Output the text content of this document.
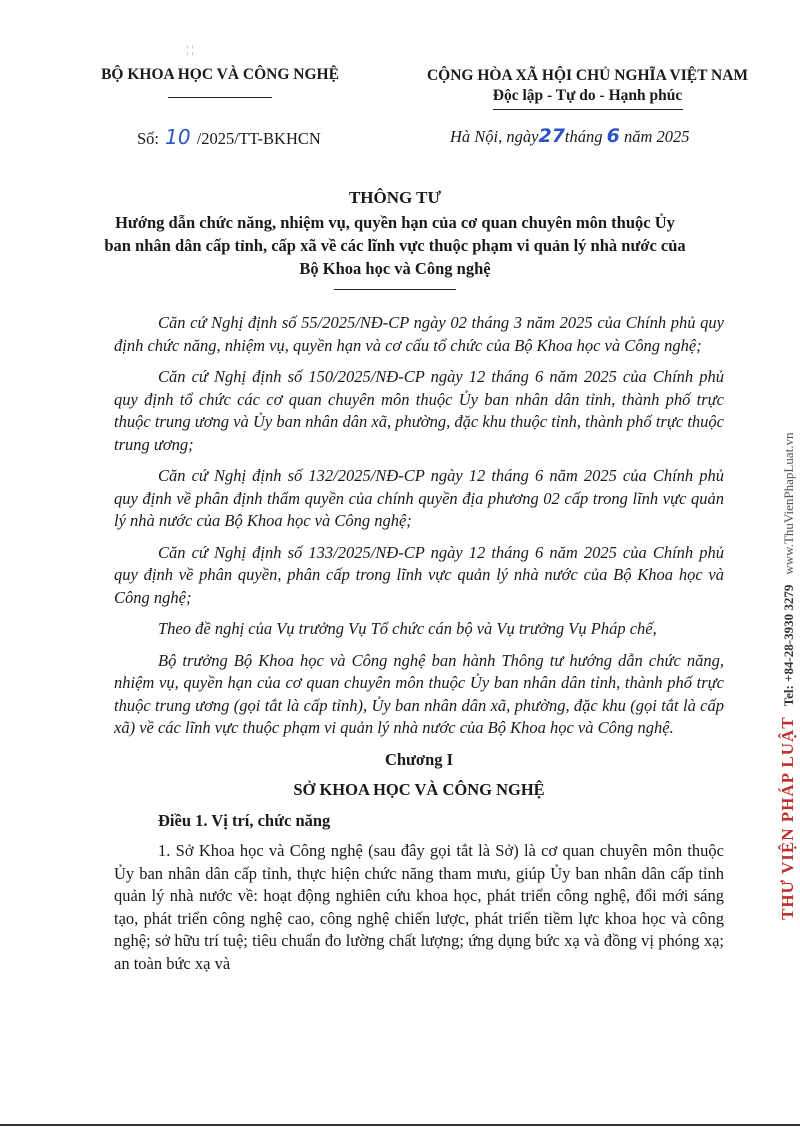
¦ ¦
BỘ KHOA HỌC VÀ CÔNG NGHỆ	CỘNG HÒA XÃ HỘI CHỦ NGHĨA VIỆT NAM
Độc lập - Tự do - Hạnh phúc
Số: 10 /2025/TT-BKHCN	Hà Nội, ngày27tháng 6 năm 2025
THÔNG TƯ
Hướng dẫn chức năng, nhiệm vụ, quyền hạn của cơ quan chuyên môn thuộc Ủy ban nhân dân cấp tỉnh, cấp xã về các lĩnh vực thuộc phạm vi quản lý nhà nước của Bộ Khoa học và Công nghệ

Căn cứ Nghị định số 55/2025/NĐ-CP ngày 02 tháng 3 năm 2025 của Chính phủ quy định chức năng, nhiệm vụ, quyền hạn và cơ cấu tổ chức của Bộ Khoa học và Công nghệ;

Căn cứ Nghị định số 150/2025/NĐ-CP ngày 12 tháng 6 năm 2025 của Chính phủ quy định tổ chức các cơ quan chuyên môn thuộc Ủy ban nhân dân tỉnh, thành phố trực thuộc trung ương và Ủy ban nhân dân xã, phường, đặc khu thuộc tỉnh, thành phố trực thuộc trung ương;

Căn cứ Nghị định số 132/2025/NĐ-CP ngày 12 tháng 6 năm 2025 của Chính phủ quy định về phân định thẩm quyền của chính quyền địa phương 02 cấp trong lĩnh vực quản lý nhà nước của Bộ Khoa học và Công nghệ;

Căn cứ Nghị định số 133/2025/NĐ-CP ngày 12 tháng 6 năm 2025 của Chính phủ quy định về phân quyền, phân cấp trong lĩnh vực quản lý nhà nước của Bộ Khoa học và Công nghệ;

Theo đề nghị của Vụ trưởng Vụ Tổ chức cán bộ và Vụ trưởng Vụ Pháp chế,

Bộ trưởng Bộ Khoa học và Công nghệ ban hành Thông tư hướng dẫn chức năng, nhiệm vụ, quyền hạn của cơ quan chuyên môn thuộc Ủy ban nhân dân tỉnh, thành phố trực thuộc trung ương (gọi tắt là cấp tỉnh), Ủy ban nhân dân xã, phường, đặc khu (gọi tắt là cấp xã) về các lĩnh vực thuộc phạm vi quản lý nhà nước của Bộ Khoa học và Công nghệ.

Chương I
SỞ KHOA HỌC VÀ CÔNG NGHỆ
Điều 1. Vị trí, chức năng

1. Sở Khoa học và Công nghệ (sau đây gọi tắt là Sở) là cơ quan chuyên môn thuộc Ủy ban nhân dân cấp tỉnh, thực hiện chức năng tham mưu, giúp Ủy ban nhân dân cấp tỉnh quản lý nhà nước về: hoạt động nghiên cứu khoa học, phát triển công nghệ, đổi mới sáng tạo, phát triển công nghệ cao, công nghệ chiến lược, phát triển tiềm lực khoa học và công nghệ; sở hữu trí tuệ; tiêu chuẩn đo lường chất lượng; ứng dụng bức xạ và đồng vị phóng xạ; an toàn bức xạ và

THƯ VIỆN PHÁP LUẬT   Tel: +84-28-3930 3279   www.ThuVienPhapLuat.vn
